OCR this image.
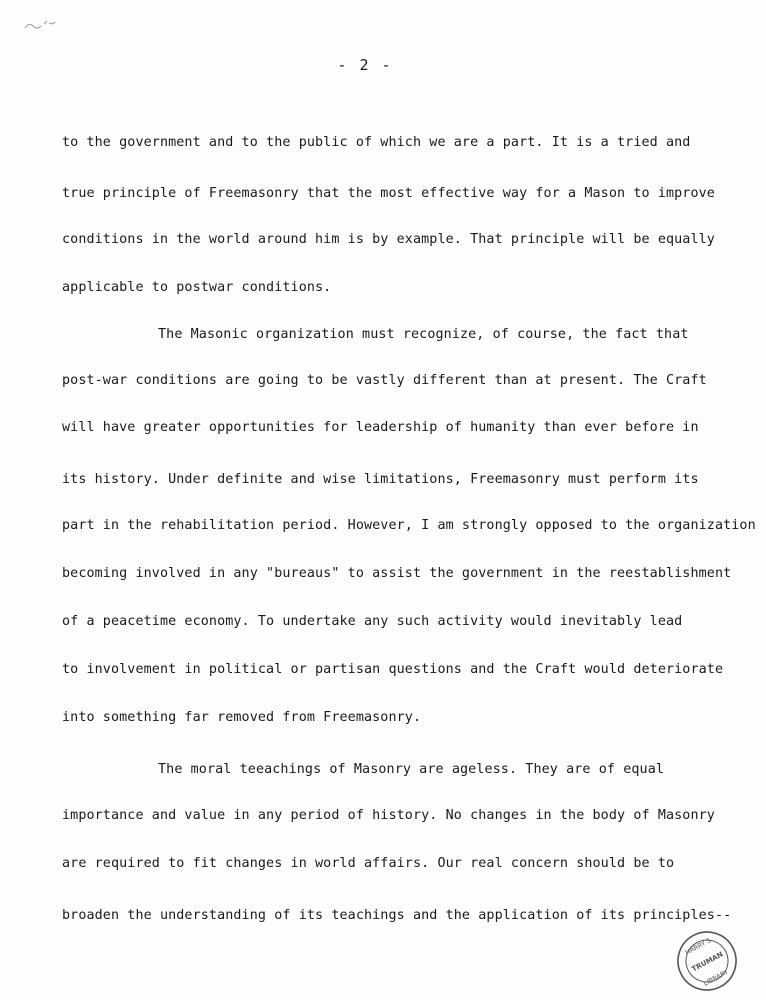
- 2 -
to the government and to the public of which we are a part. It is a tried and
true principle of Freemasonry that the most effective way for a Mason to improve
conditions in the world around him is by example. That principle will be equally
applicable to postwar conditions.
The Masonic organization must recognize, of course, the fact that
post-war conditions are going to be vastly different than at present. The Craft
will have greater opportunities for leadership of humanity than ever before in
its history. Under definite and wise limitations, Freemasonry must perform its
part in the rehabilitation period. However, I am strongly opposed to the organization
becoming involved in any "bureaus" to assist the government in the reestablishment
of a peacetime economy. To undertake any such activity would inevitably lead
to involvement in political or partisan questions and the Craft would deteriorate
into something far removed from Freemasonry.
The moral teeachings of Masonry are ageless. They are of equal
importance and value in any period of history. No changes in the body of Masonry
are required to fit changes in world affairs. Our real concern should be to
broaden the understanding of its teachings and the application of its principles--
HARRY S.
TRUMAN
LIBRARY
